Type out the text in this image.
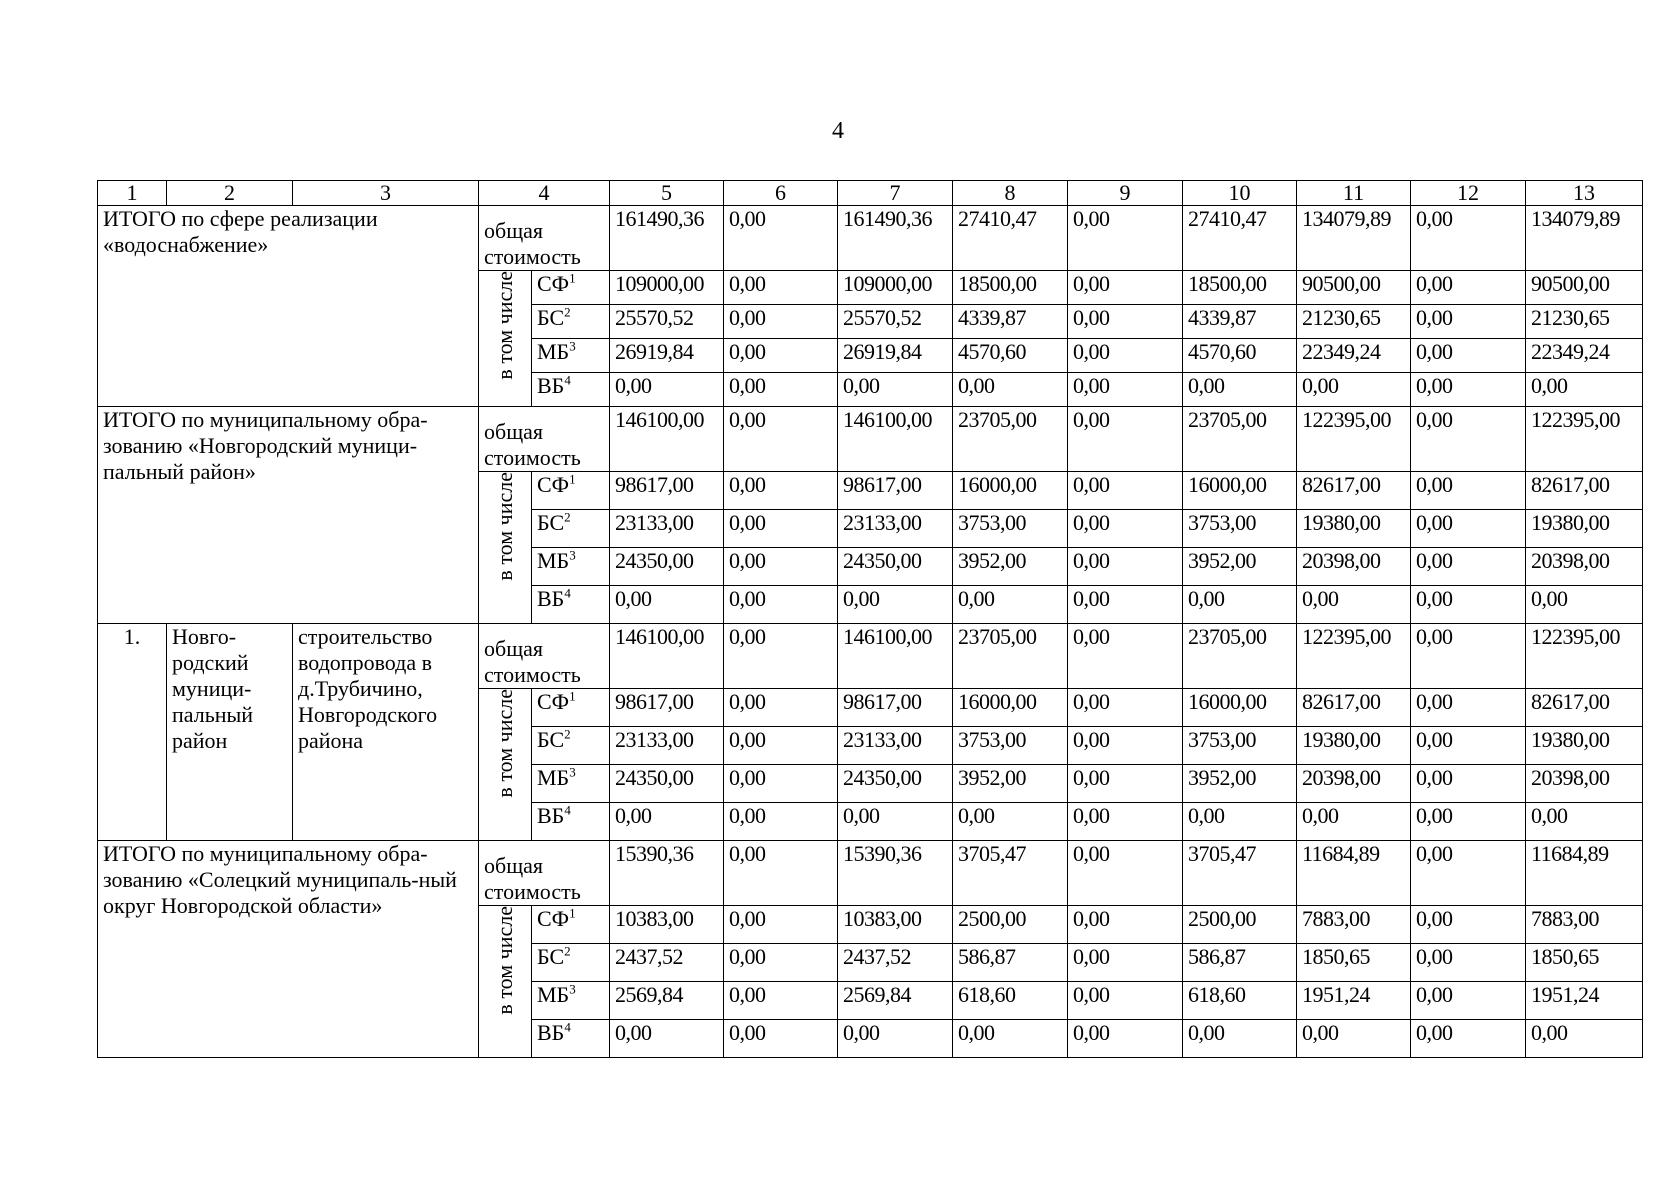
4
1	2	3	4		5	6	7	8	9	10	11	12	13
ИТОГО по сфере реализации «водоснабжение»			общая стоимость		161490,36	0,00	161490,36	27410,47	0,00	27410,47	134079,89	0,00	134079,89
			в том числе	$СФ^1$	109000,00	0,00	109000,00	18500,00	0,00	18500,00	90500,00	0,00	90500,00
				$БС^2$	25570,52	0,00	25570,52	4339,87	0,00	4339,87	21230,65	0,00	21230,65
				$МБ^3$	26919,84	0,00	26919,84	4570,60	0,00	4570,60	22349,24	0,00	22349,24
				$ВБ^4$	0,00	0,00	0,00	0,00	0,00	0,00	0,00	0,00	0,00
ИТОГО по муниципальному обра-зованию «Новгородский муници-пальный район»			общая стоимость		146100,00	0,00	146100,00	23705,00	0,00	23705,00	122395,00	0,00	122395,00
			в том числе	$СФ^1$	98617,00	0,00	98617,00	16000,00	0,00	16000,00	82617,00	0,00	82617,00
				$БС^2$	23133,00	0,00	23133,00	3753,00	0,00	3753,00	19380,00	0,00	19380,00
				$МБ^3$	24350,00	0,00	24350,00	3952,00	0,00	3952,00	20398,00	0,00	20398,00
				$ВБ^4$	0,00	0,00	0,00	0,00	0,00	0,00	0,00	0,00	0,00
1.	Новго-родский муници-пальный район	строительство водопровода в д.Трубичино, Новгородского района	общая стоимость		146100,00	0,00	146100,00	23705,00	0,00	23705,00	122395,00	0,00	122395,00
			в том числе	$СФ^1$	98617,00	0,00	98617,00	16000,00	0,00	16000,00	82617,00	0,00	82617,00
				$БС^2$	23133,00	0,00	23133,00	3753,00	0,00	3753,00	19380,00	0,00	19380,00
				$МБ^3$	24350,00	0,00	24350,00	3952,00	0,00	3952,00	20398,00	0,00	20398,00
				$ВБ^4$	0,00	0,00	0,00	0,00	0,00	0,00	0,00	0,00	0,00
ИТОГО по муниципальному обра-зованию «Солецкий муниципаль-ный округ Новгородской области»			общая стоимость		15390,36	0,00	15390,36	3705,47	0,00	3705,47	11684,89	0,00	11684,89
			в том числе	$СФ^1$	10383,00	0,00	10383,00	2500,00	0,00	2500,00	7883,00	0,00	7883,00
				$БС^2$	2437,52	0,00	2437,52	586,87	0,00	586,87	1850,65	0,00	1850,65
				$МБ^3$	2569,84	0,00	2569,84	618,60	0,00	618,60	1951,24	0,00	1951,24
				$ВБ^4$	0,00	0,00	0,00	0,00	0,00	0,00	0,00	0,00	0,00
